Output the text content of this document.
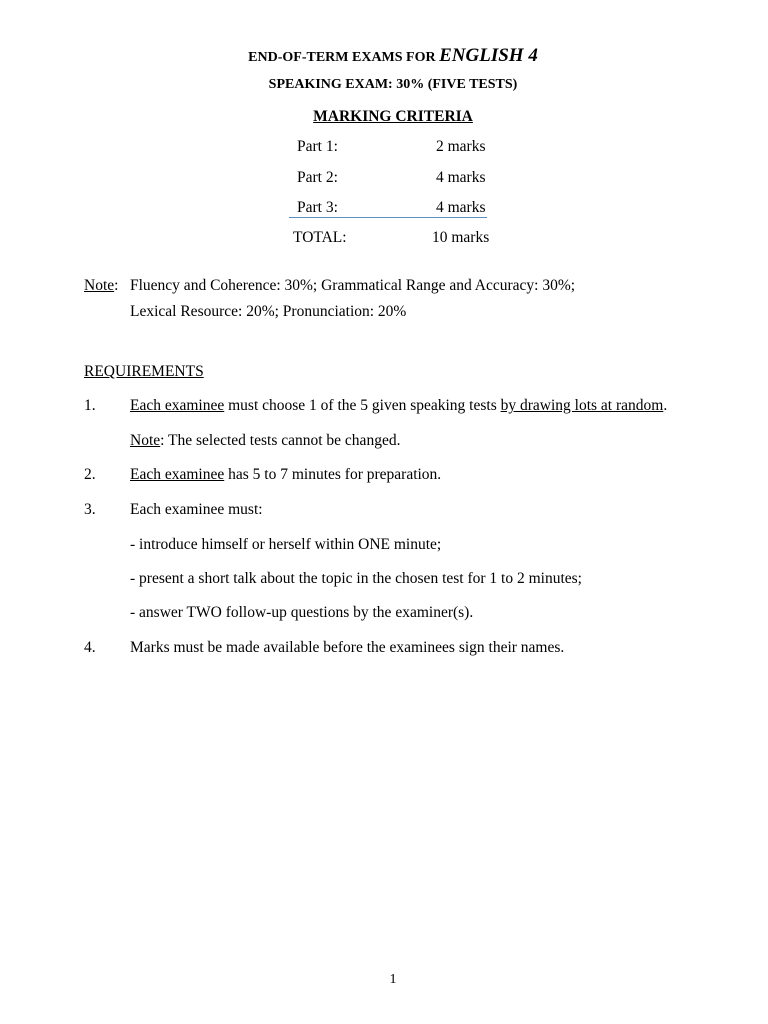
END-OF-TERM EXAMS FOR ENGLISH 4
SPEAKING EXAM: 30% (FIVE TESTS)
MARKING CRITERIA
Part 1:	2 marks
Part 2:	4 marks
Part 3:	4 marks
TOTAL:	10 marks
Note: Fluency and Coherence: 30%; Grammatical Range and Accuracy: 30%;
Lexical Resource: 20%; Pronunciation: 20%
REQUIREMENTS
1. Each examinee must choose 1 of the 5 given speaking tests by drawing lots at random.
Note: The selected tests cannot be changed.
2. Each examinee has 5 to 7 minutes for preparation.
3. Each examinee must:
- introduce himself or herself within ONE minute;
- present a short talk about the topic in the chosen test for 1 to 2 minutes;
- answer TWO follow-up questions by the examiner(s).
4. Marks must be made available before the examinees sign their names.
1
